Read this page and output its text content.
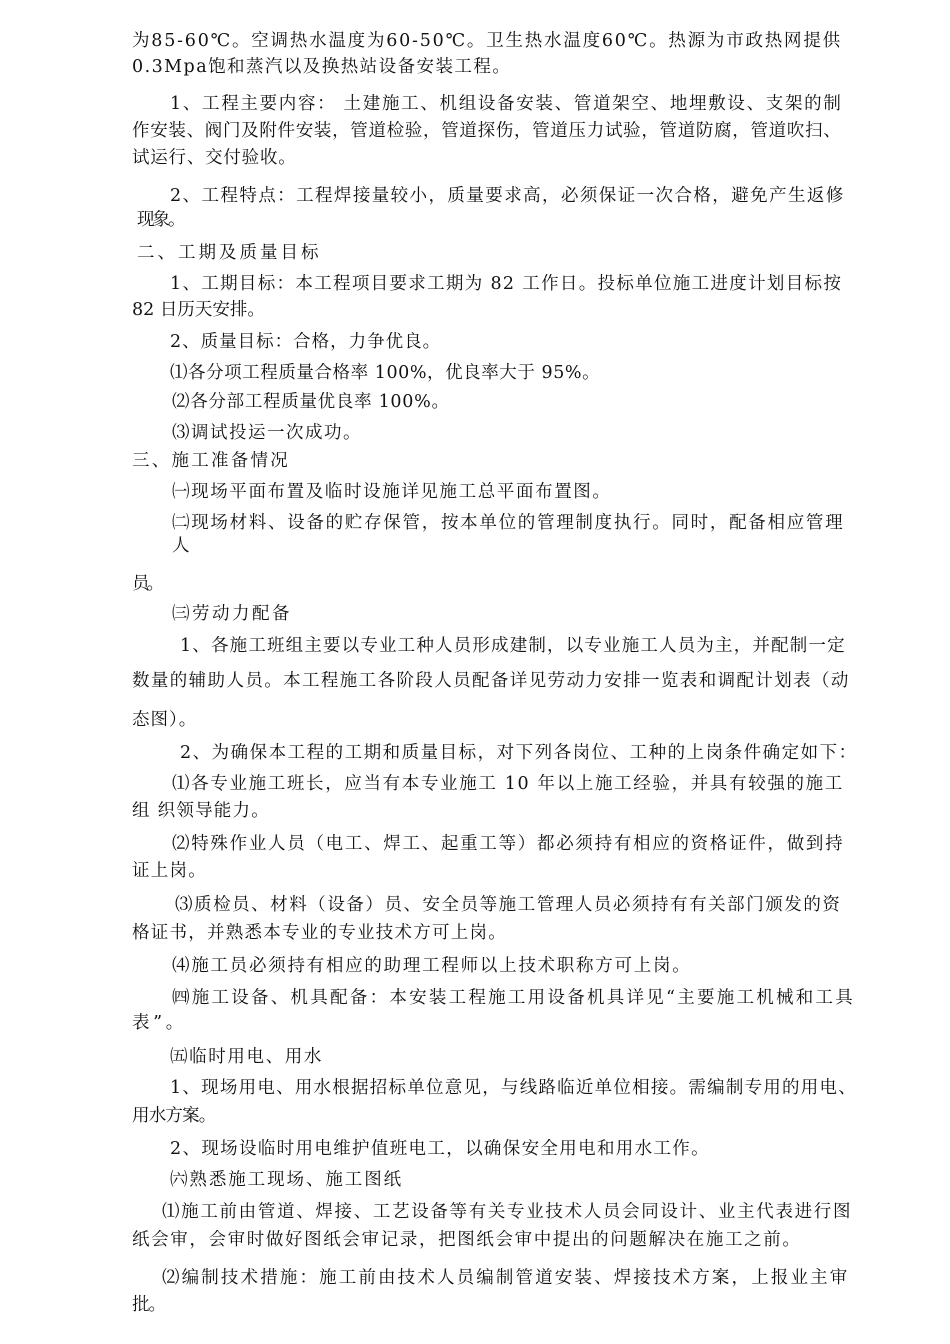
为85-60℃。空调热水温度为60-50℃。卫生热水温度60℃。热源为市政热网提供
0.3Mpa饱和蒸汽以及换热站设备安装工程。
1、工程主要内容： 土建施工、机组设备安装、管道架空、地埋敷设、支架的制
作安装、阀门及附件安装，管道检验，管道探伤，管道压力试验，管道防腐，管道吹扫、
试运行、交付验收。
2、工程特点：工程焊接量较小，质量要求高，必须保证一次合格，避免产生返修
现象。
二、工期及质量目标
1、工期目标：本工程项目要求工期为 82 工作日。投标单位施工进度计划目标按
82 日历天安排。
2、质量目标：合格，力争优良。
⑴各分项工程质量合格率 100%，优良率大于 95%。
⑵各分部工程质量优良率 100%。
⑶调试投运一次成功。
三、施工准备情况
㈠现场平面布置及临时设施详见施工总平面布置图。
㈡现场材料、设备的贮存保管，按本单位的管理制度执行。同时，配备相应管理
人
员。
㈢劳动力配备
1、各施工班组主要以专业工种人员形成建制，以专业施工人员为主，并配制一定
数量的辅助人员。本工程施工各阶段人员配备详见劳动力安排一览表和调配计划表（动
态图）。
2、为确保本工程的工期和质量目标，对下列各岗位、工种的上岗条件确定如下：
⑴各专业施工班长，应当有本专业施工 10 年以上施工经验，并具有较强的施工
组 织领导能力。
⑵特殊作业人员（电工、焊工、起重工等）都必须持有相应的资格证件，做到持
证上岗。
⑶质检员、材料（设备）员、安全员等施工管理人员必须持有有关部门颁发的资
格证书，并熟悉本专业的专业技术方可上岗。
⑷施工员必须持有相应的助理工程师以上技术职称方可上岗。
㈣施工设备、机具配备：本安装工程施工用设备机具详见“主要施工机械和工具
表”。
㈤临时用电、用水
1、现场用电、用水根据招标单位意见，与线路临近单位相接。需编制专用的用电、
用水方案。
2、现场设临时用电维护值班电工，以确保安全用电和用水工作。
㈥熟悉施工现场、施工图纸
⑴施工前由管道、焊接、工艺设备等有关专业技术人员会同设计、业主代表进行图
纸会审，会审时做好图纸会审记录，把图纸会审中提出的问题解决在施工之前。
⑵编制技术措施：施工前由技术人员编制管道安装、焊接技术方案，上报业主审
批。
